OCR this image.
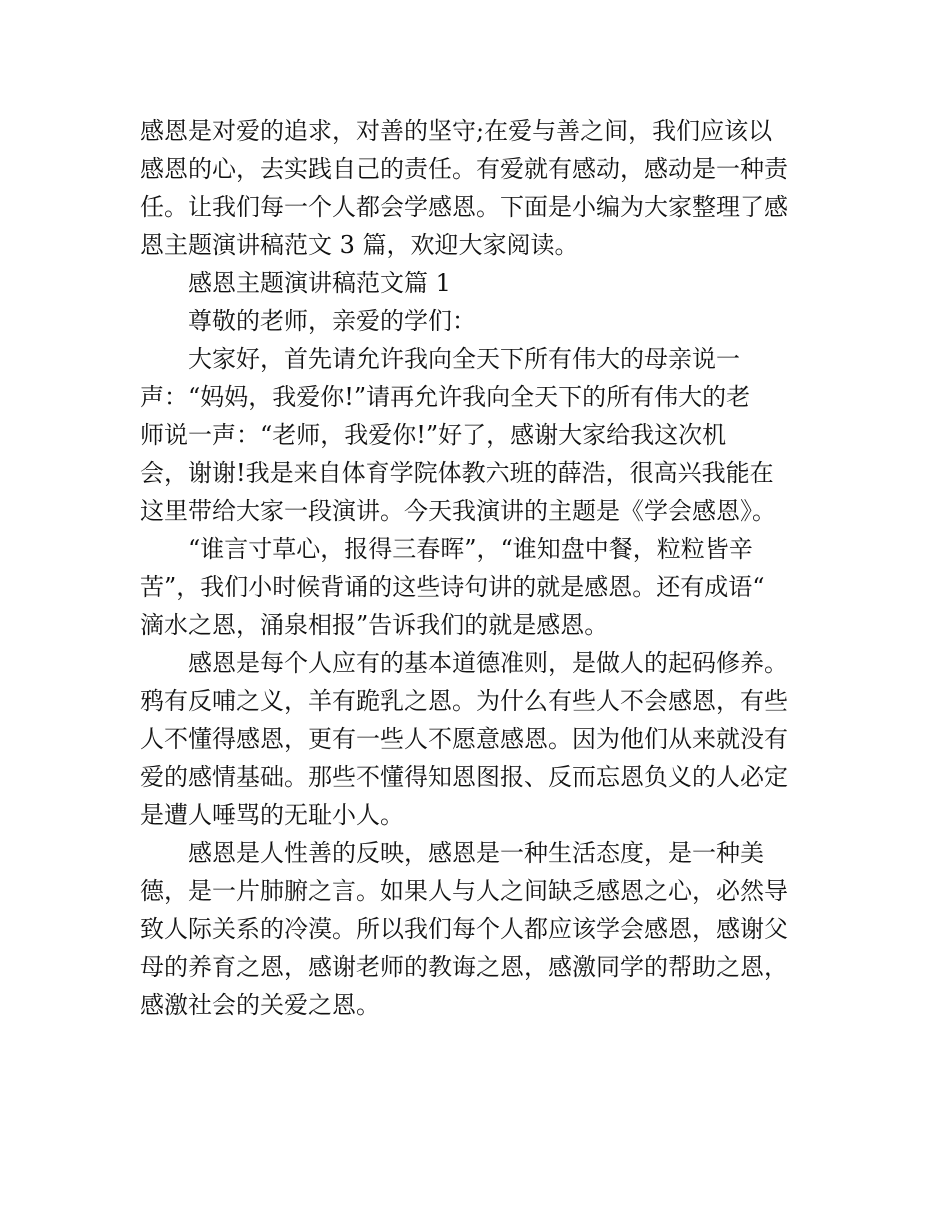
感恩是对爱的追求，对善的坚守;在爱与善之间，我们应该以
感恩的心，去实践自己的责任。有爱就有感动，感动是一种责
任。让我们每一个人都会学感恩。下面是小编为大家整理了感
恩主题演讲稿范文 3 篇，欢迎大家阅读。
感恩主题演讲稿范文篇 1
尊敬的老师，亲爱的学们：
大家好，首先请允许我向全天下所有伟大的母亲说一
声：“妈妈，我爱你!”请再允许我向全天下的所有伟大的老
师说一声：“老师，我爱你!”好了，感谢大家给我这次机
会，谢谢!我是来自体育学院体教六班的薛浩，很高兴我能在
这里带给大家一段演讲。今天我演讲的主题是《学会感恩》。
“谁言寸草心，报得三春晖”，“谁知盘中餐，粒粒皆辛
苦”，我们小时候背诵的这些诗句讲的就是感恩。还有成语“
滴水之恩，涌泉相报”告诉我们的就是感恩。
感恩是每个人应有的基本道德准则，是做人的起码修养。
鸦有反哺之义，羊有跪乳之恩。为什么有些人不会感恩，有些
人不懂得感恩，更有一些人不愿意感恩。因为他们从来就没有
爱的感情基础。那些不懂得知恩图报、反而忘恩负义的人必定
是遭人唾骂的无耻小人。
感恩是人性善的反映，感恩是一种生活态度，是一种美
德，是一片肺腑之言。如果人与人之间缺乏感恩之心，必然导
致人际关系的冷漠。所以我们每个人都应该学会感恩，感谢父
母的养育之恩，感谢老师的教诲之恩，感激同学的帮助之恩，
感激社会的关爱之恩。
